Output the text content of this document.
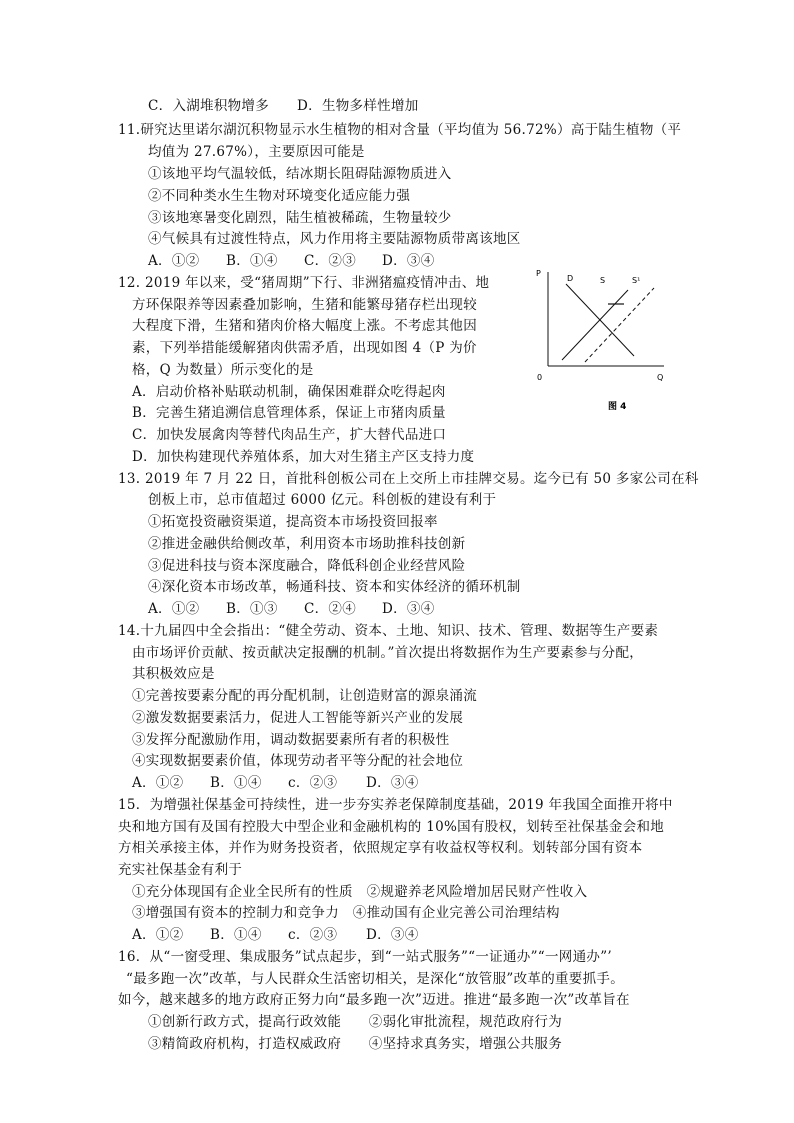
C．入湖堆积物增多 D．生物多样性增加
11.研究达里诺尔湖沉积物显示水生植物的相对含量（平均值为 56.72%）高于陆生植物（平
均值为 27.67%），主要原因可能是
①该地平均气温较低，结冰期长阻碍陆源物质进入
②不同种类水生生物对环境变化适应能力强
③该地寒暑变化剧烈，陆生植被稀疏，生物量较少
④气候具有过渡性特点，风力作用将主要陆源物质带离该地区
A．①② B．①④ C．②③ D．③④
12. 2019 年以来，受“猪周期”下行、非洲猪瘟疫情冲击、地
方环保限养等因素叠加影响，生猪和能繁母猪存栏出现较
大程度下滑，生猪和猪肉价格大幅度上涨。不考虑其他因
素，下列举措能缓解猪肉供需矛盾，出现如图 4（P 为价
格，Q 为数量）所示变化的是
A．启动价格补贴联动机制，确保困难群众吃得起肉
B．完善生猪追溯信息管理体系，保证上市猪肉质量
C．加快发展禽肉等替代肉品生产，扩大替代品进口
D．加快构建现代养殖体系，加大对生猪主产区支持力度
P
0	Q
D	S	S¹
图 4
13. 2019 年 7 月 22 日，首批科创板公司在上交所上市挂牌交易。迄今已有 50 多家公司在科
创板上市，总市值超过 6000 亿元。科创板的建设有利于
①拓宽投资融资渠道，提高资本市场投资回报率
②推进金融供给侧改革，利用资本市场助推科技创新
③促进科技与资本深度融合，降低科创企业经营风险
④深化资本市场改革，畅通科技、资本和实体经济的循环机制
A．①② B．①③ C．②④ D．③④
14.十九届四中全会指出：“健全劳动、资本、土地、知识、技术、管理、数据等生产要素
由市场评价贡献、按贡献决定报酬的机制。”首次提出将数据作为生产要素参与分配，
其积极效应是
①完善按要素分配的再分配机制，让创造财富的源泉涌流
②激发数据要素活力，促进人工智能等新兴产业的发展
③发挥分配激励作用，调动数据要素所有者的积极性
④实现数据要素价值，体现劳动者平等分配的社会地位
A．①② B．①④ c．②③ D．③④
15．为增强社保基金可持续性，进一步夯实养老保障制度基础，2019 年我国全面推开将中
央和地方国有及国有控股大中型企业和金融机构的 10%国有股权，划转至社保基金会和地
方相关承接主体，并作为财务投资者，依照规定享有收益权等权利。划转部分国有资本
充实社保基金有利于
①充分体现国有企业全民所有的性质　②规避养老风险增加居民财产性收入
③增强国有资本的控制力和竞争力　④推动国有企业完善公司治理结构
A．①② B．①④ c．②③ D．③④
16．从“一窗受理、集成服务”试点起步，到“一站式服务”“一证通办”“一网通办”’
“最多跑一次”改革，与人民群众生活密切相关，是深化“放管服”改革的重要抓手。
如今，越来越多的地方政府正努力向“最多跑一次”迈进。推进“最多跑一次”改革旨在
①创新行政方式，提高行政效能　　②弱化审批流程，规范政府行为
③精简政府机构，打造权威政府　　④坚持求真务实，增强公共服务
